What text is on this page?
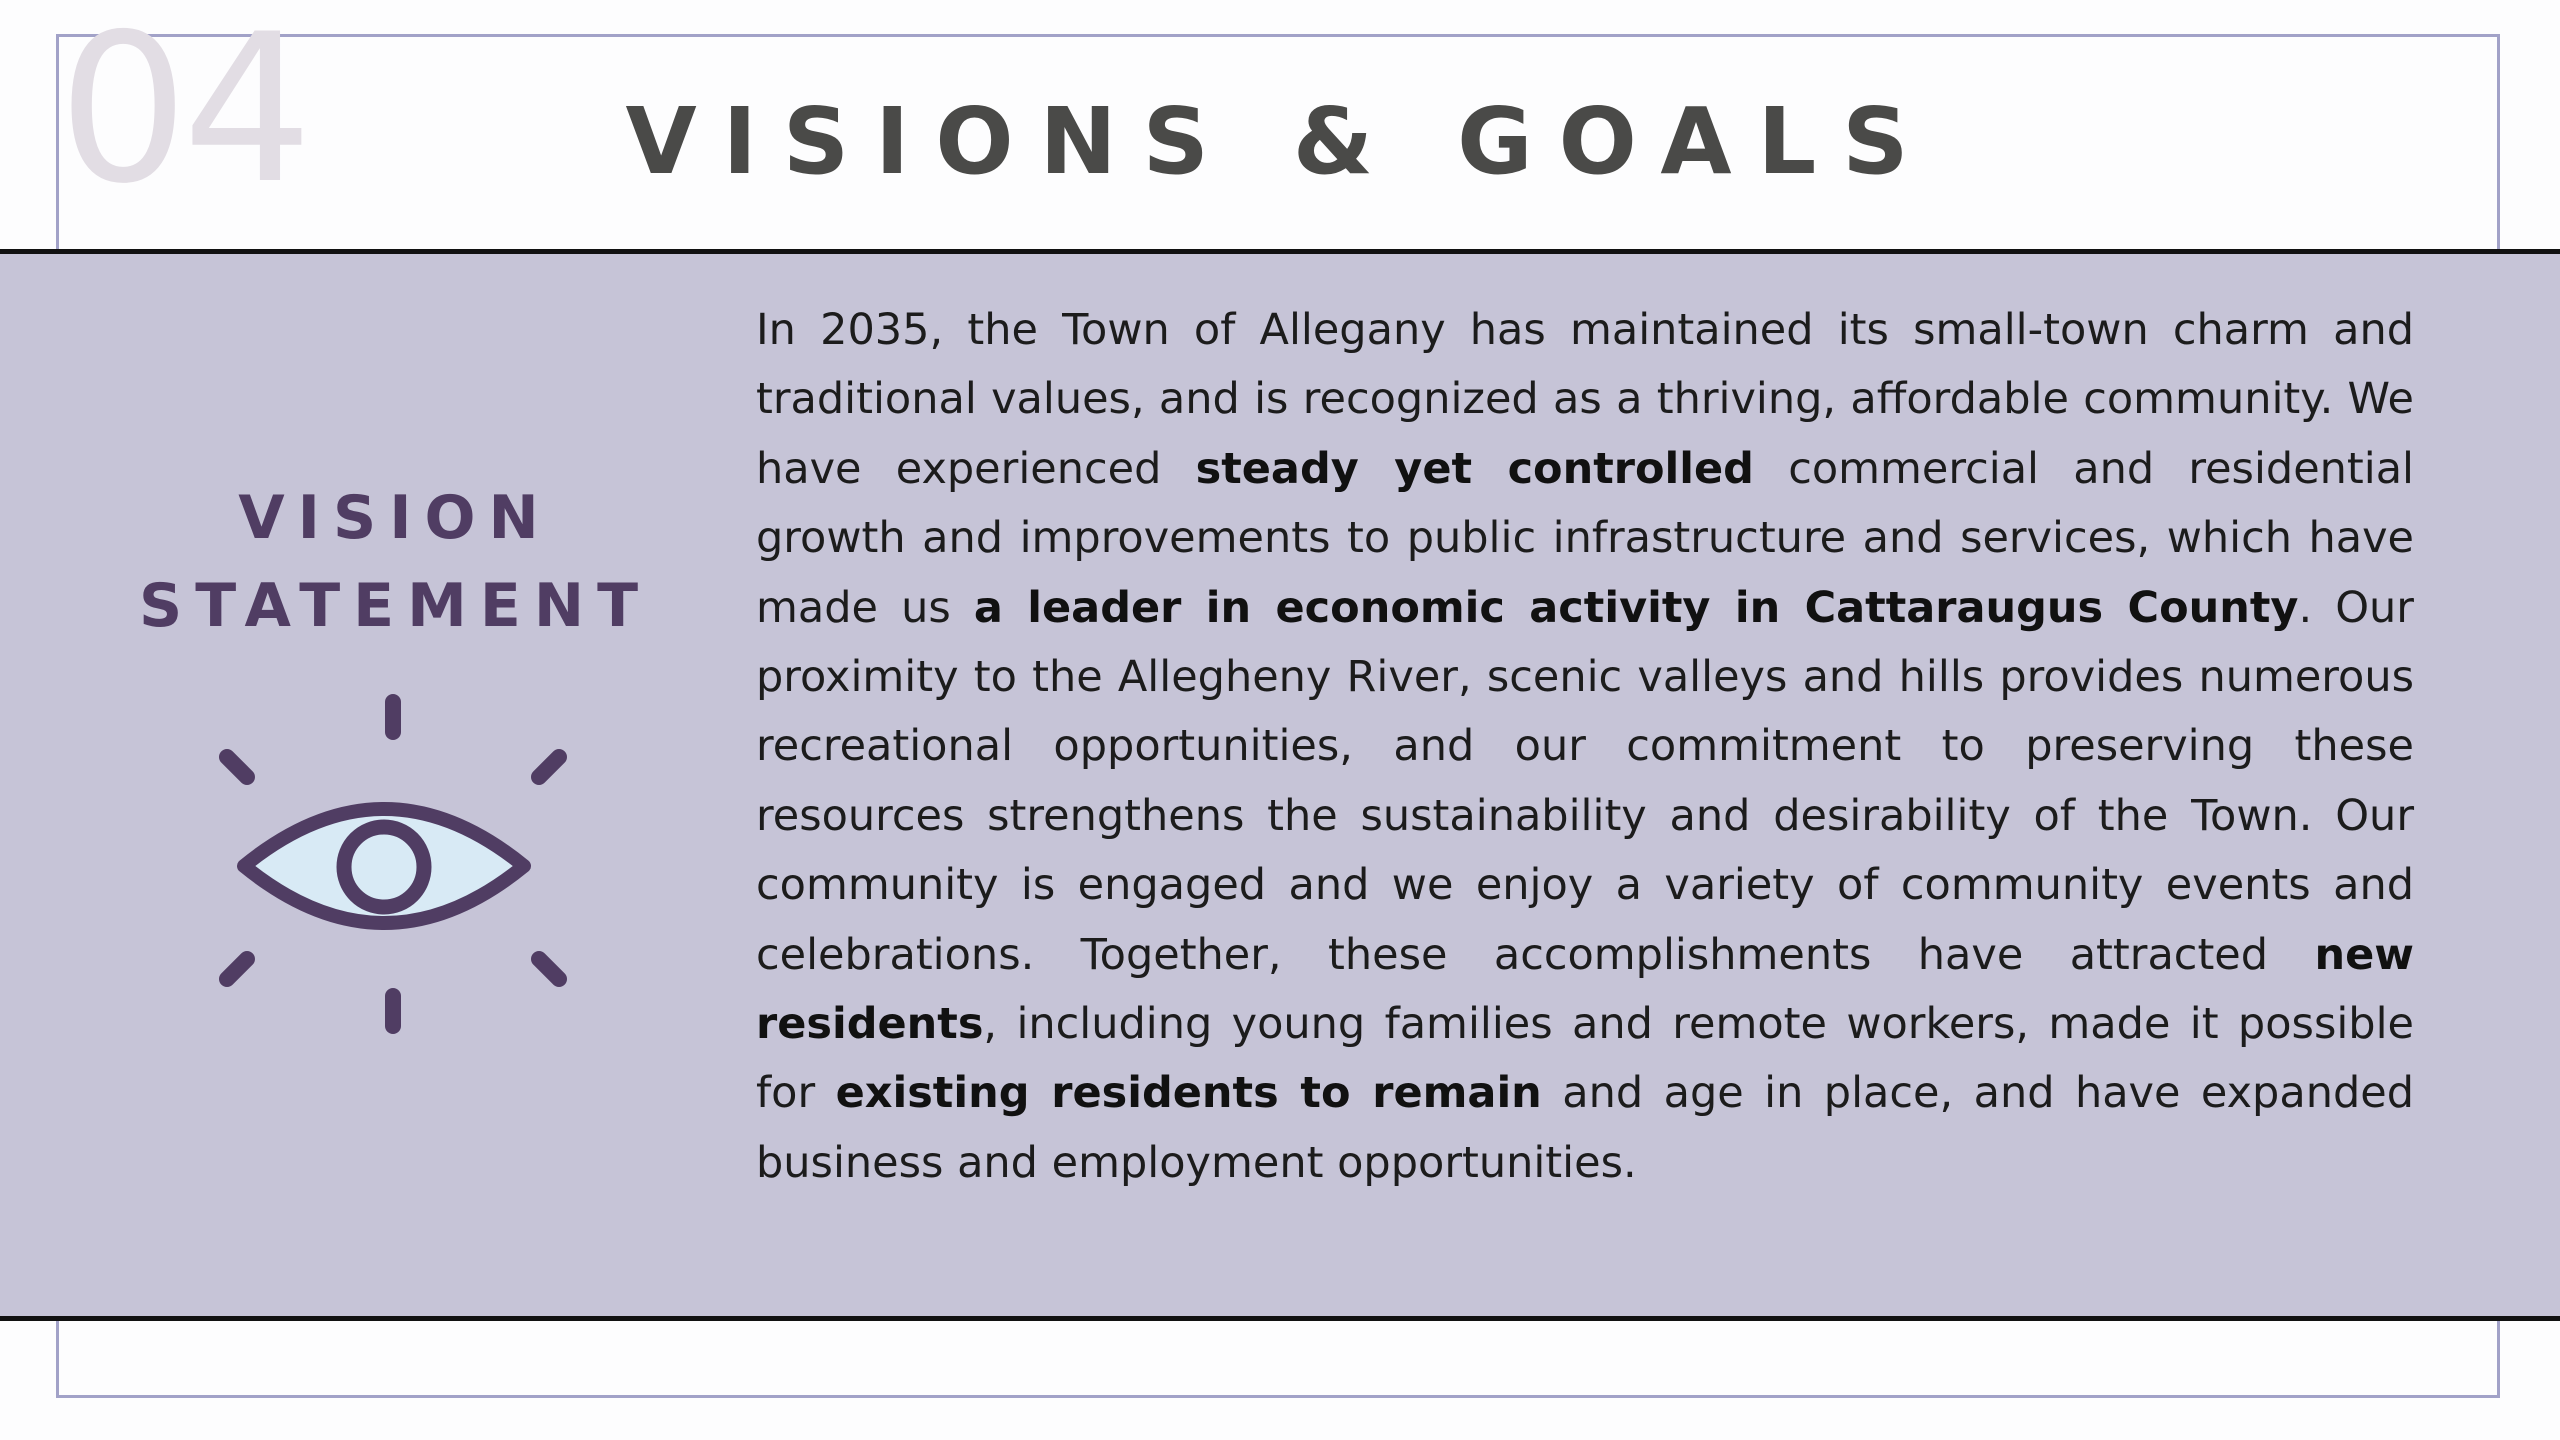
04	VISIONS & GOALS
VISION
STATEMENT

In 2035, the Town of Allegany has maintained its small-town charm and traditional values, and is recognized as a thriving, affordable community. We have experienced steady yet controlled commercial and residential growth and improvements to public infrastructure and services, which have made us a leader in economic activity in Cattaraugus County. Our proximity to the Allegheny River, scenic valleys and hills provides numerous recreational opportunities, and our commitment to preserving these resources strengthens the sustainability and desirability of the Town. Our community is engaged and we enjoy a variety of community events and celebrations. Together, these accomplishments have attracted new residents, including young families and remote workers, made it possible for existing residents to remain and age in place, and have expanded business and employment opportunities.
